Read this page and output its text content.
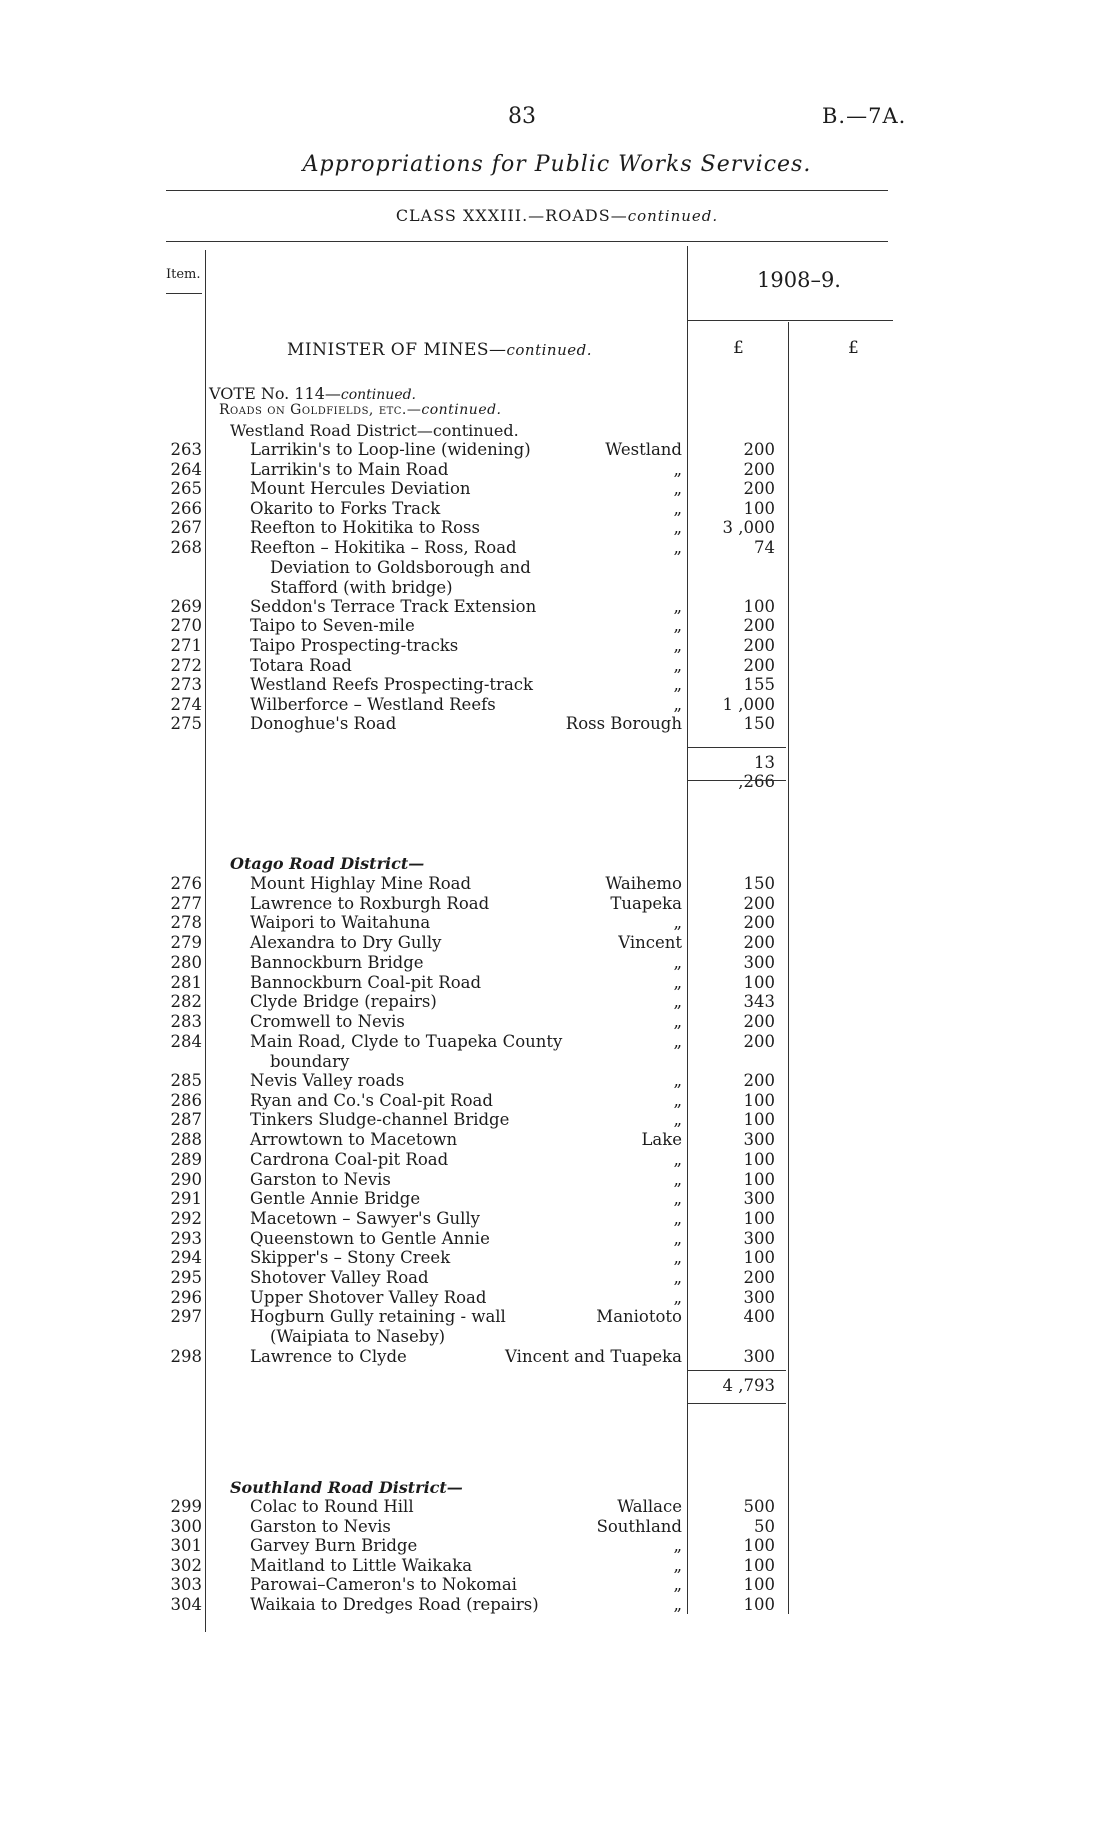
83	B.—7A.
Appropriations for Public Works Services.
CLASS XXXIII.—ROADS—continued.
Item.	1908–9.
£	£
MINISTER OF MINES—continued.
VOTE No. 114—continued.
Roads on Goldfields, etc.—continued.
Westland Road District—continued.
263	Larrikin's to Loop-line (widening)	Westland	200
264	Larrikin's to Main Road	„	200
265	Mount Hercules Deviation	„	200
266	Okarito to Forks Track	„	100
267	Reefton to Hokitika to Ross	„	3 ,000
268	Reefton – Hokitika – Ross, Road
Deviation to Goldsborough and
Stafford (with bridge)
„	74
269	Seddon's Terrace Track Extension	„	100
270	Taipo to Seven-mile	„	200
271	Taipo Prospecting-tracks	„	200
272	Totara Road	„	200
273	Westland Reefs Prospecting-track	„	155
274	Wilberforce – Westland Reefs	„	1 ,000
275	Donoghue's Road	Ross Borough	150
13 ,266
Otago Road District—
276	Mount Highlay Mine Road	Waihemo	150
277	Lawrence to Roxburgh Road	Tuapeka	200
278	Waipori to Waitahuna	„	200
279	Alexandra to Dry Gully	Vincent	200
280	Bannockburn Bridge	„	300
281	Bannockburn Coal-pit Road	„	100
282	Clyde Bridge (repairs)	„	343
283	Cromwell to Nevis	„	200
284	Main Road, Clyde to Tuapeka County
boundary
„	200
285	Nevis Valley roads	„	200
286	Ryan and Co.'s Coal-pit Road	„	100
287	Tinkers Sludge-channel Bridge	„	100
288	Arrowtown to Macetown	Lake	300
289	Cardrona Coal-pit Road	„	100
290	Garston to Nevis	„	100
291	Gentle Annie Bridge	„	300
292	Macetown – Sawyer's Gully	„	100
293	Queenstown to Gentle Annie	„	300
294	Skipper's – Stony Creek	„	100
295	Shotover Valley Road	„	200
296	Upper Shotover Valley Road	„	300
297	Hogburn Gully retaining - wall
(Waipiata to Naseby)
Maniototo	400
298	Lawrence to Clyde	Vincent and Tuapeka	300
4 ,793
Southland Road District—
299	Colac to Round Hill	Wallace	500
300	Garston to Nevis	Southland	50
301	Garvey Burn Bridge	„	100
302	Maitland to Little Waikaka	„	100
303	Parowai–Cameron's to Nokomai	„	100
304	Waikaia to Dredges Road (repairs)	„	100
